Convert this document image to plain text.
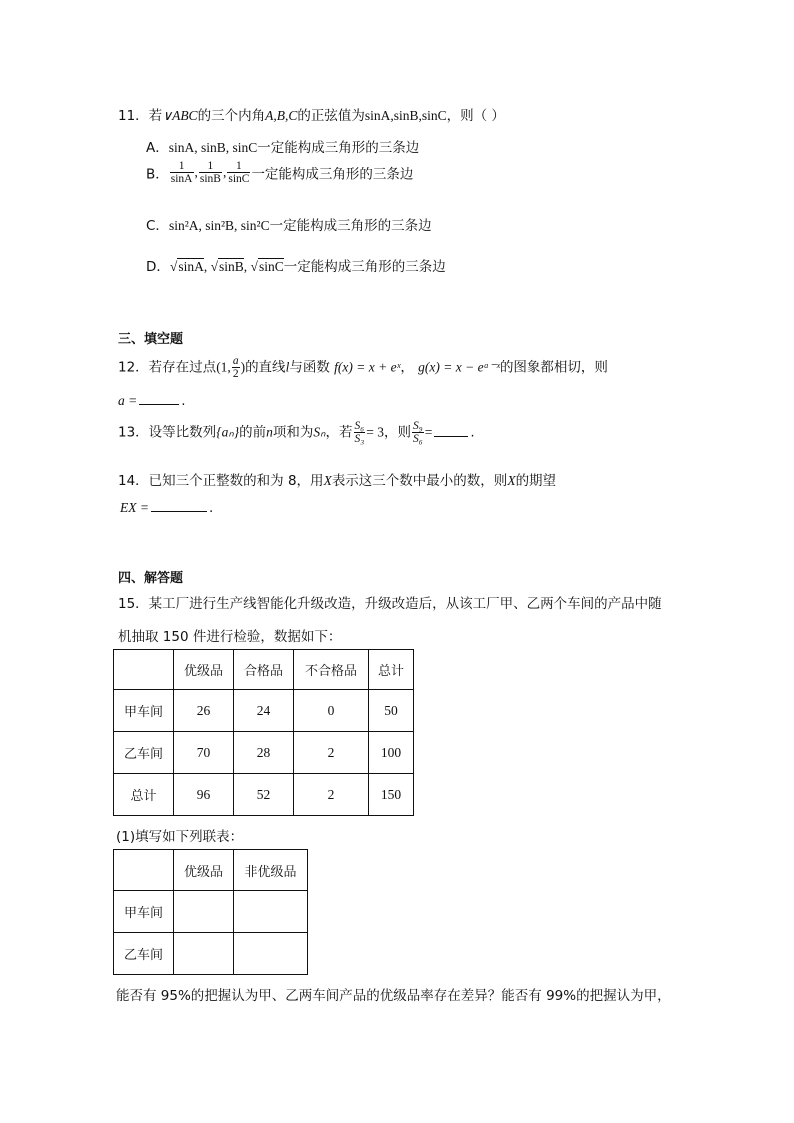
11．若∨ABC的三个内角A,B,C的正弦值为sinA,sinB,sinC，则（ ）
A．sinA, sinB, sinC一定能构成三角形的三条边
B． $\frac{1}{\sin A}$ , $\frac{1}{\sin B}$ , $\frac{1}{\sin C}$ 一定能构成三角形的三条边
C．sin²A, sin²B, sin²C一定能构成三角形的三条边
D．√sinA, √sinB, √sinC一定能构成三角形的三条边
三、填空题
12．若存在过点(1, $\frac{a}{2}$ )的直线l与函数 f(x) = x + eˣ， g(x) = x − eᵃ⁻ˣ的图象都相切，则
a =	.
13．设等比数列{aₙ}的前n项和为Sₙ，若 $\frac{\text{S₆}}{\text{S₃}} = 3$，则 $\frac{\text{S₉}}{\text{S₆}}$ =	.
14．已知三个正整数的和为 8，用X表示这三个数中最小的数，则X的期望
EX =	.
四、解答题
15．某工厂进行生产线智能化升级改造，升级改造后，从该工厂甲、乙两个车间的产品中随
机抽取 150 件进行检验，数据如下：
	优级品	合格品	不合格品	总计
甲车间	26	24	0	50
乙车间	70	28	2	100
总计	96	52	2	150
(1)填写如下列联表：
	优级品	非优级品
甲车间		
乙车间		
能否有 95%的把握认为甲、乙两车间产品的优级品率存在差异？能否有 99%的把握认为甲，
